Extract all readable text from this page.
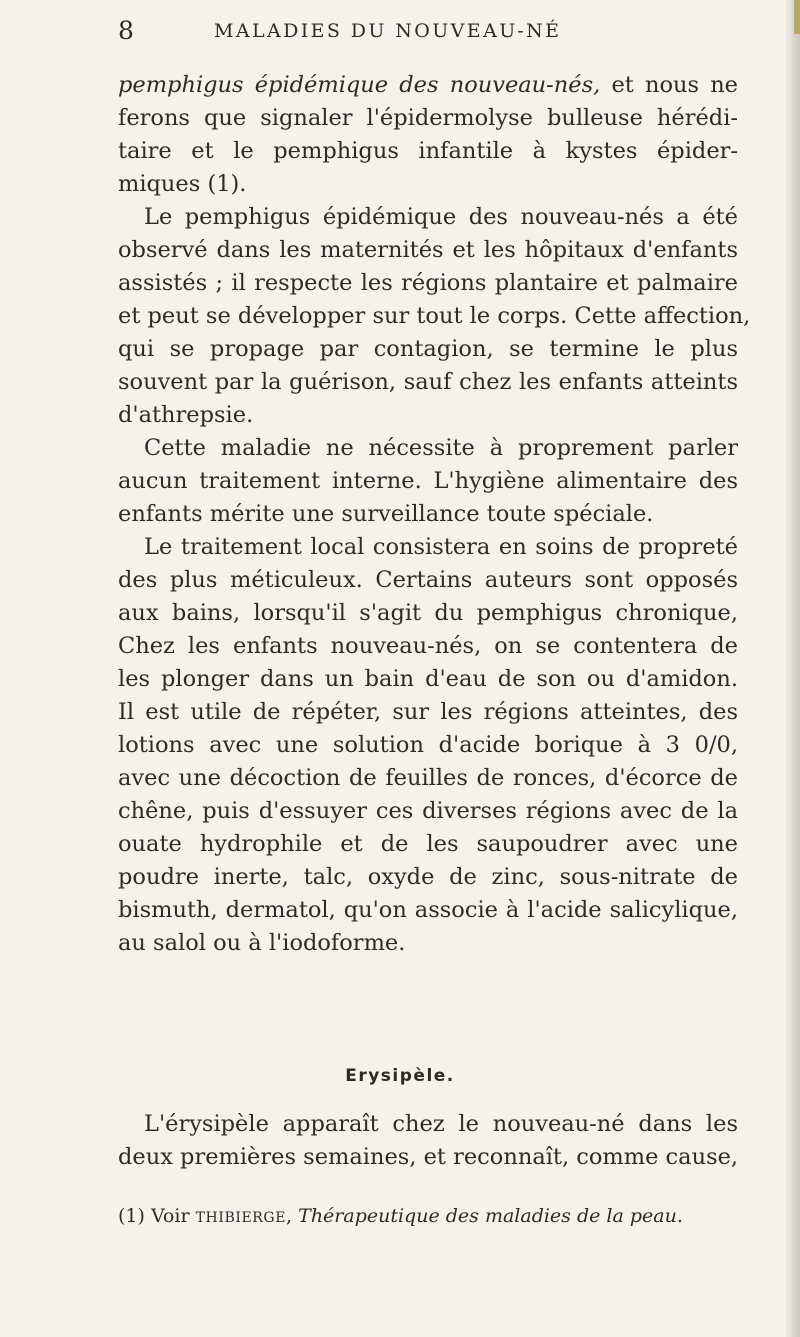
8	MALADIES DU NOUVEAU-NÉ
pemphigus épidémique des nouveau-nés, et nous ne
ferons que signaler l'épidermolyse bulleuse hérédi-
taire et le pemphigus infantile à kystes épider-
miques (1).
Le pemphigus épidémique des nouveau-nés a été
observé dans les maternités et les hôpitaux d'enfants
assistés ; il respecte les régions plantaire et palmaire
et peut se développer sur tout le corps. Cette affection,
qui se propage par contagion, se termine le plus
souvent par la guérison, sauf chez les enfants atteints
d'athrepsie.
Cette maladie ne nécessite à proprement parler
aucun traitement interne. L'hygiène alimentaire des
enfants mérite une surveillance toute spéciale.
Le traitement local consistera en soins de propreté
des plus méticuleux. Certains auteurs sont opposés
aux bains, lorsqu'il s'agit du pemphigus chronique,
Chez les enfants nouveau-nés, on se contentera de
les plonger dans un bain d'eau de son ou d'amidon.
Il est utile de répéter, sur les régions atteintes, des
lotions avec une solution d'acide borique à 3 0/0,
avec une décoction de feuilles de ronces, d'écorce de
chêne, puis d'essuyer ces diverses régions avec de la
ouate hydrophile et de les saupoudrer avec une
poudre inerte, talc, oxyde de zinc, sous-nitrate de
bismuth, dermatol, qu'on associe à l'acide salicylique,
au salol ou à l'iodoforme.
Erysipèle.
L'érysipèle apparaît chez le nouveau-né dans les
deux premières semaines, et reconnaît, comme cause,
(1) Voir THIBIERGE, Thérapeutique des maladies de la peau.
